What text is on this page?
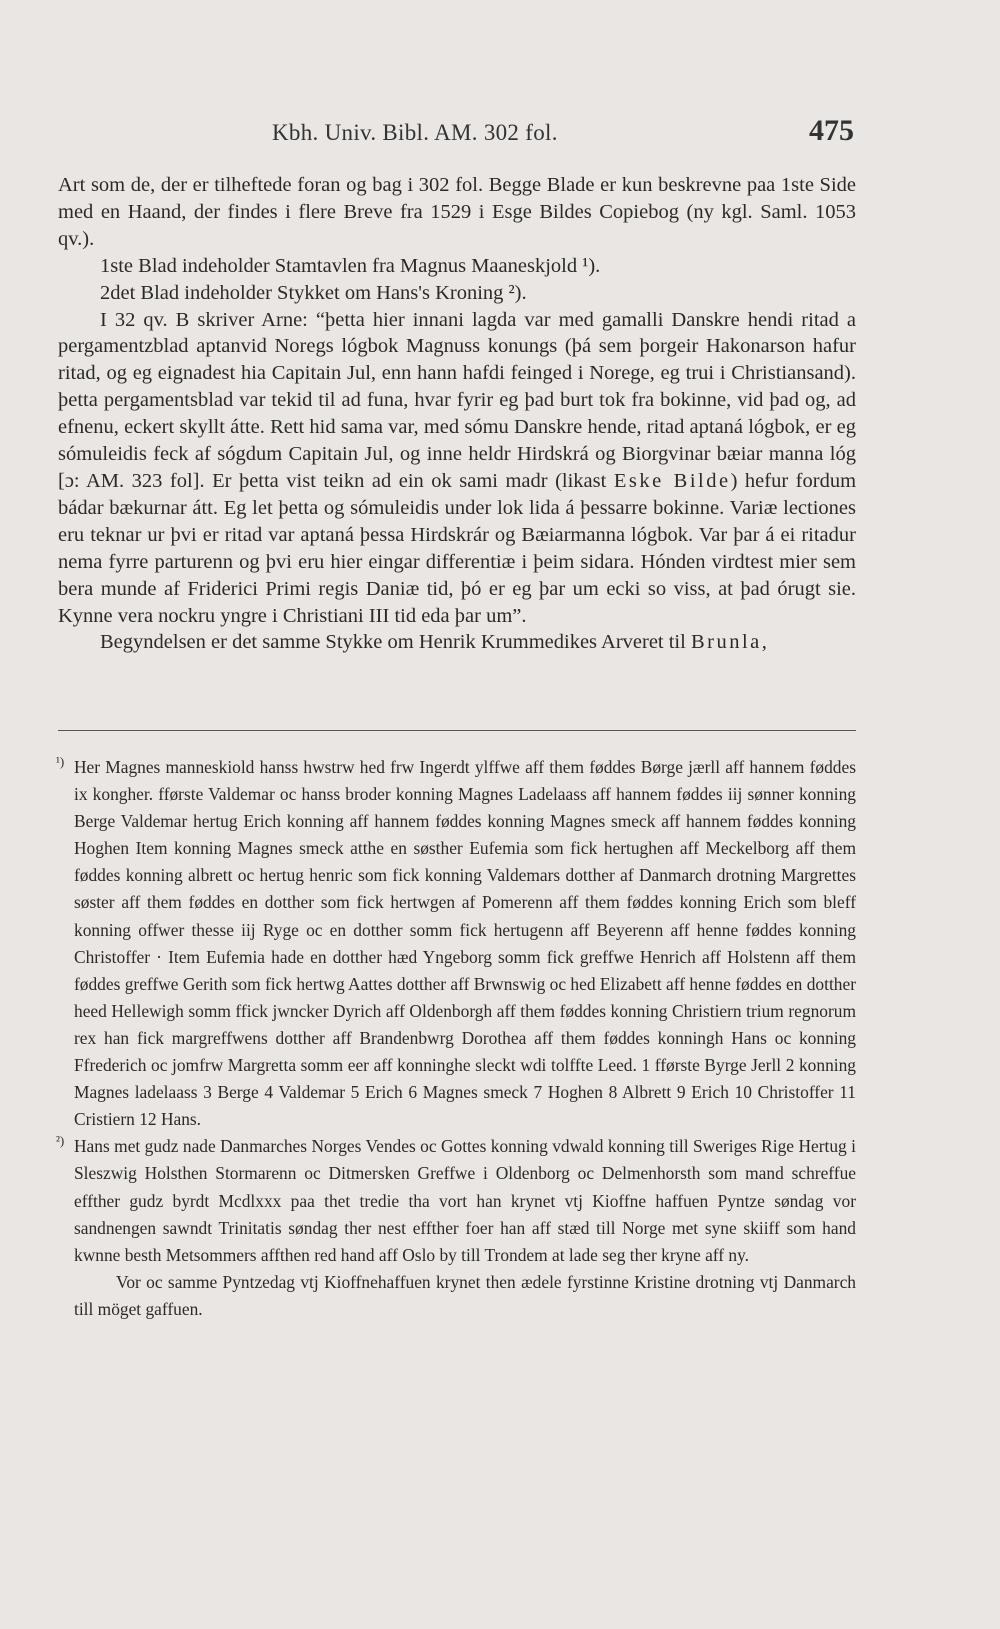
Kbh. Univ. Bibl. AM. 302 fol.	475

Art som de, der er tilheftede foran og bag i 302 fol. Begge Blade er kun beskrevne paa 1ste Side med en Haand, der findes i flere Breve fra 1529 i Esge Bildes Copiebog (ny kgl. Saml. 1053 qv.).

1ste Blad indeholder Stamtavlen fra Magnus Maaneskjold ¹).

2det Blad indeholder Stykket om Hans's Kroning ²).

I 32 qv. B skriver Arne: “þetta hier innani lagda var med gamalli Danskre hendi ritad a pergamentzblad aptanvid Noregs lógbok Magnuss konungs (þá sem þorgeir Hakonarson hafur ritad, og eg eignadest hia Capitain Jul, enn hann hafdi feinged i Norege, eg trui i Christiansand). þetta pergamentsblad var tekid til ad funa, hvar fyrir eg þad burt tok fra bokinne, vid þad og, ad efnenu, eckert skyllt átte. Rett hid sama var, med sómu Danskre hende, ritad aptaná lógbok, er eg sómuleidis feck af sógdum Capitain Jul, og inne heldr Hirdskrá og Biorgvinar bæiar manna lóg [ɔ: AM. 323 fol]. Er þetta vist teikn ad ein ok sami madr (likast Eske Bilde) hefur fordum bádar bækurnar átt. Eg let þetta og sómuleidis under lok lida á þessarre bokinne. Variæ lectiones eru teknar ur þvi er ritad var aptaná þessa Hirdskrár og Bæiarmanna lógbok. Var þar á ei ritadur nema fyrre parturenn og þvi eru hier eingar differentiæ i þeim sidara. Hónden virdtest mier sem bera munde af Friderici Primi regis Daniæ tid, þó er eg þar um ecki so viss, at þad órugt sie. Kynne vera nockru yngre i Christiani III tid eda þar um”.

Begyndelsen er det samme Stykke om Henrik Krummedikes Arveret til Brunla,

¹) Her Magnes manneskiold hanss hwstrw hed frw Ingerdt ylffwe aff them føddes Børge jærll aff hannem føddes ix kongher. fførste Valdemar oc hanss broder konning Magnes Ladelaass aff hannem føddes iij sønner konning Berge Valdemar hertug Erich konning aff hannem føddes konning Magnes smeck aff hannem føddes konning Hoghen Item konning Magnes smeck atthe en søsther Eufemia som fick hertughen aff Meckelborg aff them føddes konning albrett oc hertug henric som fick konning Valdemars dotther af Danmarch drotning Margrettes søster aff them føddes en dotther som fick hertwgen af Pomerenn aff them føddes konning Erich som bleff konning offwer thesse iij Ryge oc en dotther somm fick hertugenn aff Beyerenn aff henne føddes konning Christoffer · Item Eufemia hade en dotther hæd Yngeborg somm fick greffwe Henrich aff Holstenn aff them føddes greffwe Gerith som fick hertwg Aattes dotther aff Brwnswig oc hed Elizabett aff henne føddes en dotther heed Hellewigh somm ffick jwncker Dyrich aff Oldenborgh aff them føddes konning Christiern trium regnorum rex han fick margreffwens dotther aff Brandenbwrg Dorothea aff them føddes konningh Hans oc konning Ffrederich oc jomfrw Margretta somm eer aff konninghe sleckt wdi tolffte Leed. 1 fførste Byrge Jerll 2 konning Magnes ladelaass 3 Berge 4 Valdemar 5 Erich 6 Magnes smeck 7 Hoghen 8 Albrett 9 Erich 10 Christoffer 11 Cristiern 12 Hans.
²) Hans met gudz nade Danmarches Norges Vendes oc Gottes konning vdwald konning till Sweriges Rige Hertug i Sleszwig Holsthen Stormarenn oc Ditmersken Greffwe i Oldenborg oc Delmenhorsth som mand schreffue effther gudz byrdt Mcdlxxx paa thet tredie tha vort han krynet vtj Kioffne haffuen Pyntze søndag vor sandnengen sawndt Trinitatis søndag ther nest effther foer han aff stæd till Norge met syne skiiff som hand kwnne besth Metsommers affthen red hand aff Oslo by till Trondem at lade seg ther kryne aff ny.
Vor oc samme Pyntzedag vtj Kioffnehaffuen krynet then ædele fyrstinne Kristine drotning vtj Danmarch till möget gaffuen.
